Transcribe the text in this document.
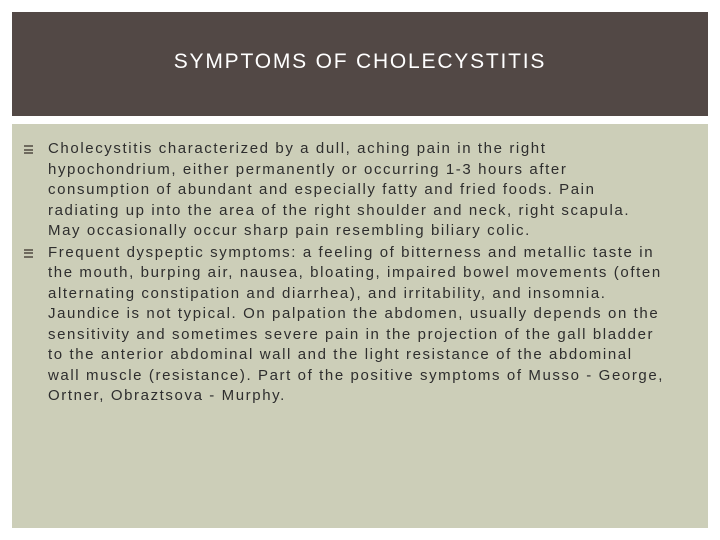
SYMPTOMS OF CHOLECYSTITIS
Cholecystitis characterized by a dull, aching pain in the right hypochondrium, either permanently or occurring 1-3 hours after consumption of abundant and especially fatty and fried foods. Pain radiating up into the area of the right shoulder and neck, right scapula. May occasionally occur sharp pain resembling biliary colic.
Frequent dyspeptic symptoms: a feeling of bitterness and metallic taste in the mouth, burping air, nausea, bloating, impaired bowel movements (often alternating constipation and diarrhea), and irritability, and insomnia. Jaundice is not typical. On palpation the abdomen, usually depends on the sensitivity and sometimes severe pain in the projection of the gall bladder to the anterior abdominal wall and the light resistance of the abdominal wall muscle (resistance). Part of the positive symptoms of Musso - George, Ortner, Obraztsova - Murphy.
